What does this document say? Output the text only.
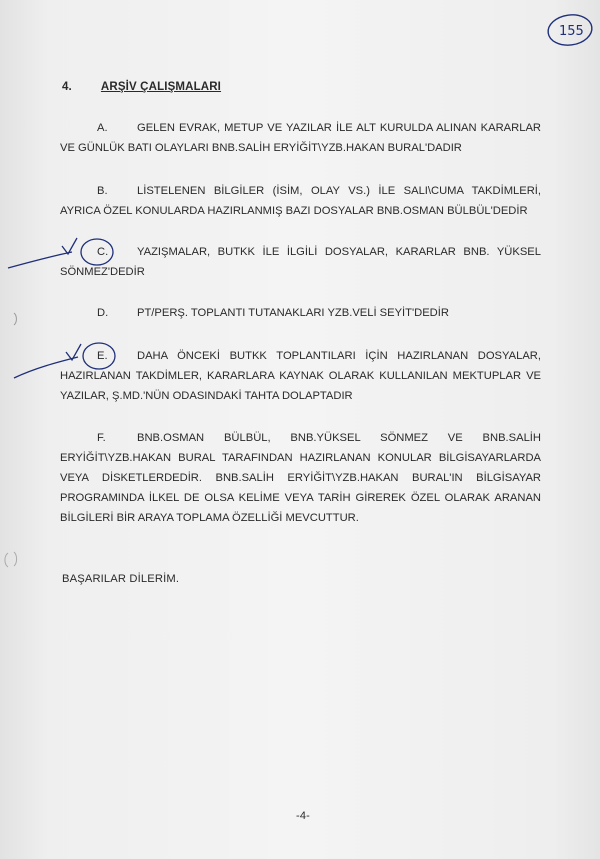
155
4.	ARŞİV ÇALIŞMALARI
A.	GELEN EVRAK, METUP VE YAZILAR İLE ALT KURULDA ALINAN KARARLAR
VE GÜNLÜK BATI OLAYLARI BNB.SALİH ERYİĞİT\YZB.HAKAN BURAL'DADIR
B.	LİSTELENEN BİLGİLER (İSİM, OLAY VS.) İLE SALI\CUMA TAKDİMLERİ,
AYRICA ÖZEL KONULARDA HAZIRLANMIŞ BAZI DOSYALAR BNB.OSMAN BÜLBÜL'DEDİR
C.	YAZIŞMALAR, BUTKK İLE İLGİLİ DOSYALAR, KARARLAR BNB. YÜKSEL
SÖNMEZ'DEDİR
D.	PT/PERŞ. TOPLANTI TUTANAKLARI YZB.VELİ SEYİT'DEDİR
E.	DAHA ÖNCEKİ BUTKK TOPLANTILARI İÇİN HAZIRLANAN DOSYALAR,
HAZIRLANAN TAKDİMLER, KARARLARA KAYNAK OLARAK KULLANILAN MEKTUPLAR VE
YAZILAR, Ş.MD.'NÜN ODASINDAKİ TAHTA DOLAPTADIR
F.	BNB.OSMAN BÜLBÜL, BNB.YÜKSEL SÖNMEZ VE BNB.SALİH
ERYİĞİT\YZB.HAKAN BURAL TARAFINDAN HAZIRLANAN KONULAR BİLGİSAYARLARDA
VEYA DİSKETLERDEDİR. BNB.SALİH ERYİĞİT\YZB.HAKAN BURAL'IN BİLGİSAYAR
PROGRAMINDA İLKEL DE OLSA KELİME VEYA TARİH GİREREK ÖZEL OLARAK ARANAN
BİLGİLERİ BİR ARAYA TOPLAMA ÖZELLİĞİ MEVCUTTUR.
BAŞARILAR DİLERİM.
-4-
